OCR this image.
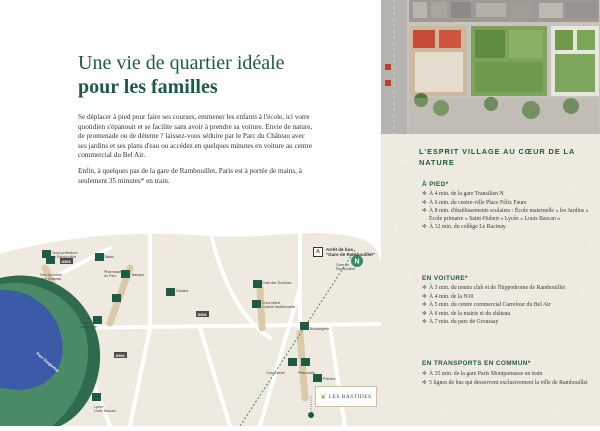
Une vie de quartier idéale
pour les familles

Se déplacer à pied pour faire ses courses, emmener les enfants à l'école, ici votre quotidien s'épanouit et se facilite sans avoir à prendre sa voiture. Envie de nature, de promenade ou de détente ? laissez-vous séduire par le Parc du Château avec ses jardins et ses plans d'eau ou accédez en quelques minutes en voiture au centre commercial du Bel Air.

Enfin, à quelques pas de la gare de Rambouillet, Paris est à portée de mains, à seulement 35 minutes* en train.

L'ESPRIT VILLAGE AU CŒUR DE LA NATURE
À PIED*
✲ À 4 min. de la gare Transilien N
✲ À 6 min. du centre-ville Place Félix Faure
✲ À 8 min. d'établissements scolaires : École maternelle « les Jardins » École primaire « Saint-Hubert » Lycée « Louis Bascan »
✲ À 12 min. du collège Le Racinay
EN VOITURE*
✲ À 3 min. du tennis club et de l'hippodrome de Rambouillet
✲ À 4 min. de la N10
✲ À 5 min. du centre commercial Carrefour du Bel Air
✲ À 6 min. de la mairie et du château
✲ À 7 min. du parc de Groussay
EN TRANSPORTS EN COMMUN*
✲ À 35 min. de la gare Paris Montparnasse en train
✲ 5 lignes de bus qui desservent exclusivement la ville de Rambouillet
Parc Gargantua
D906
D906
D906
Sous-préfecture
de Rambouillet
Vers la mairie
et le Château
Tabac
Pharmacie
du Parc	Banque
Cantine
Café des Tivolines
Chez Marie
Cuisine traditionnelle
Boulangerie
Charcuterie	Pharmacie
Primeur
Lycée
Louis Bascan
Ecole
maternelle
N
Gare de
Rambouillet
A	Arrêt de bus
"Gare de Rambouillet"
❦ LES BASTIDES
